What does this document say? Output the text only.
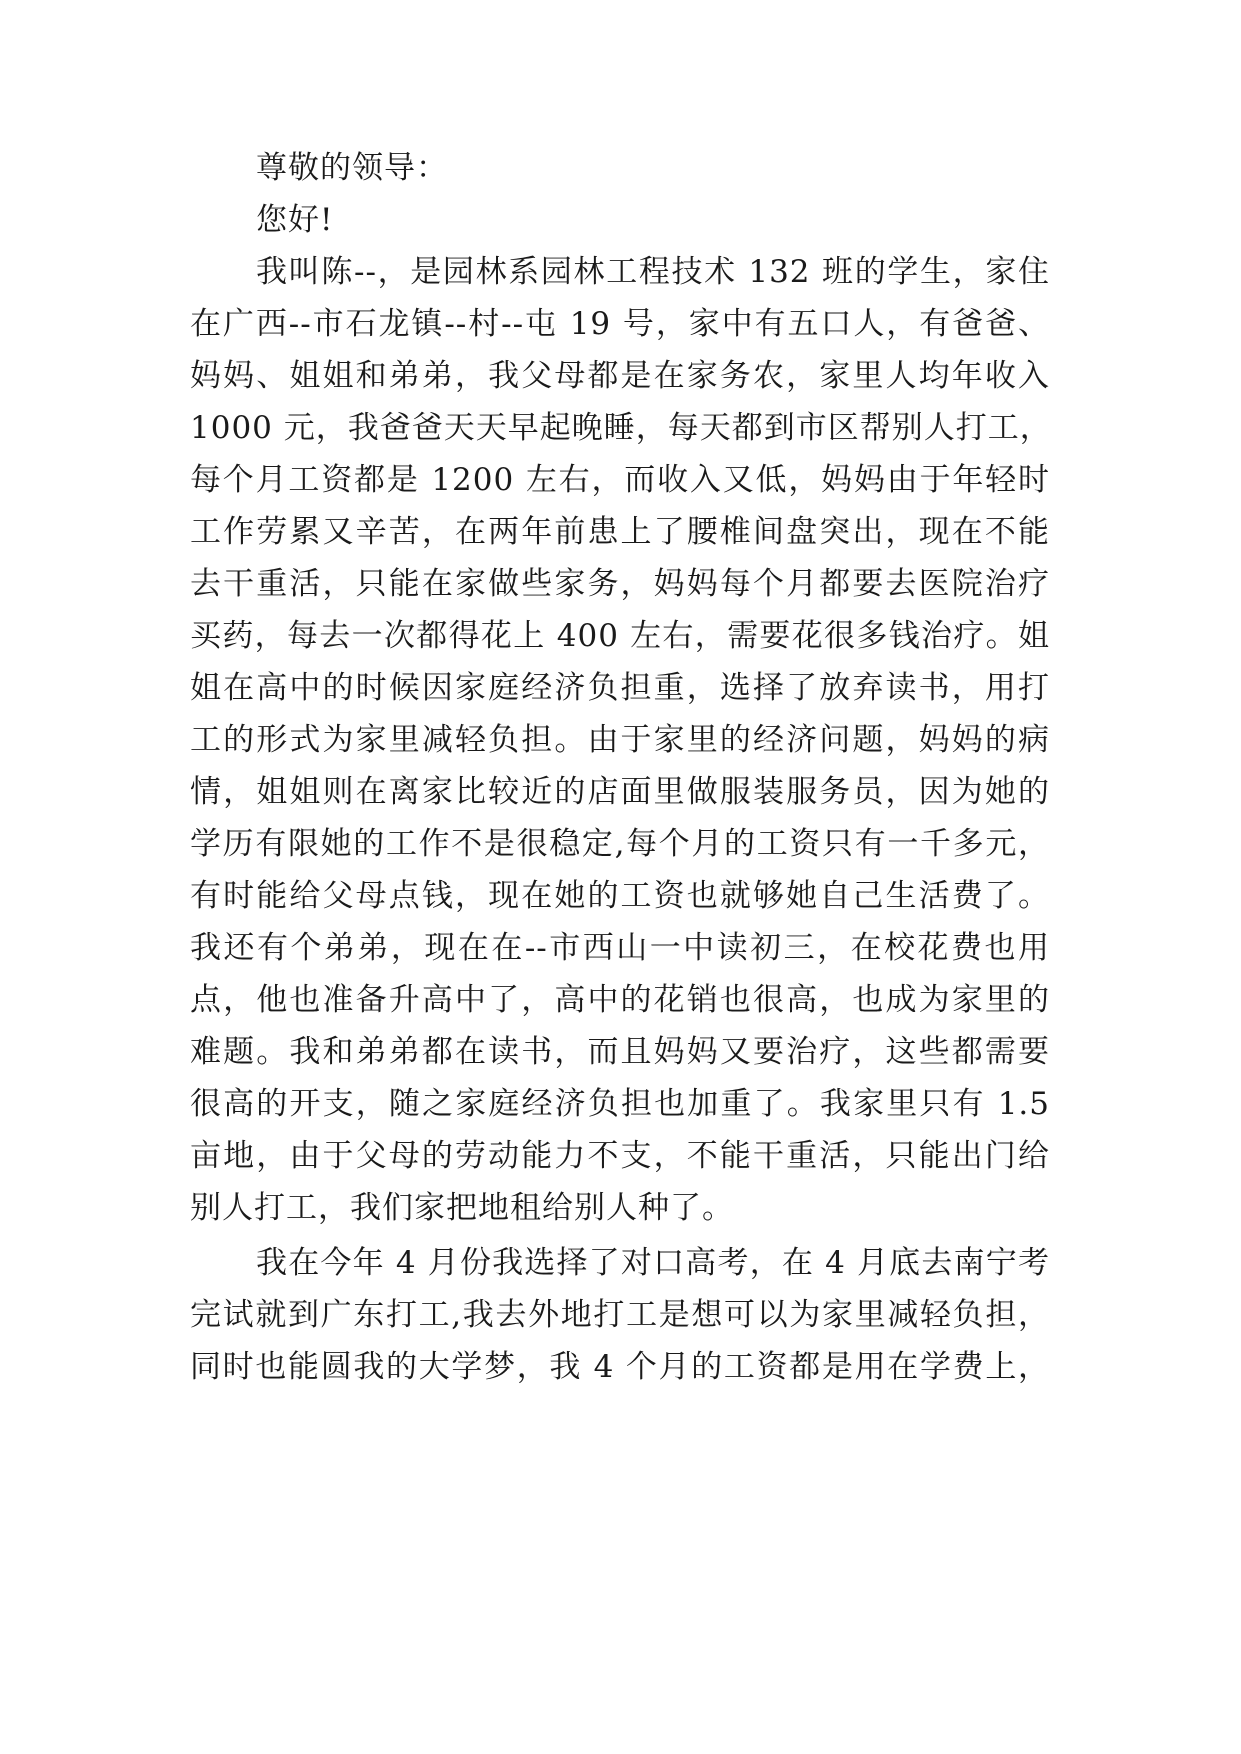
尊敬的领导：
您好!
我叫陈--，是园林系园林工程技术 132 班的学生，家住
在广西--市石龙镇--村--屯 19 号，家中有五口人，有爸爸、
妈妈、姐姐和弟弟，我父母都是在家务农，家里人均年收入
1000 元，我爸爸天天早起晚睡，每天都到市区帮别人打工，
每个月工资都是 1200 左右，而收入又低，妈妈由于年轻时
工作劳累又辛苦，在两年前患上了腰椎间盘突出，现在不能
去干重活，只能在家做些家务，妈妈每个月都要去医院治疗
买药，每去一次都得花上 400 左右，需要花很多钱治疗。姐
姐在高中的时候因家庭经济负担重，选择了放弃读书，用打
工的形式为家里减轻负担。由于家里的经济问题，妈妈的病
情，姐姐则在离家比较近的店面里做服装服务员，因为她的
学历有限她的工作不是很稳定,每个月的工资只有一千多元，
有时能给父母点钱，现在她的工资也就够她自己生活费了。
我还有个弟弟，现在在--市西山一中读初三，在校花费也用
点，他也准备升高中了，高中的花销也很高，也成为家里的
难题。我和弟弟都在读书，而且妈妈又要治疗，这些都需要
很高的开支，随之家庭经济负担也加重了。我家里只有 1.5
亩地，由于父母的劳动能力不支，不能干重活，只能出门给
别人打工，我们家把地租给别人种了。
我在今年 4 月份我选择了对口高考，在 4 月底去南宁考
完试就到广东打工,我去外地打工是想可以为家里减轻负担，
同时也能圆我的大学梦，我 4 个月的工资都是用在学费上，
